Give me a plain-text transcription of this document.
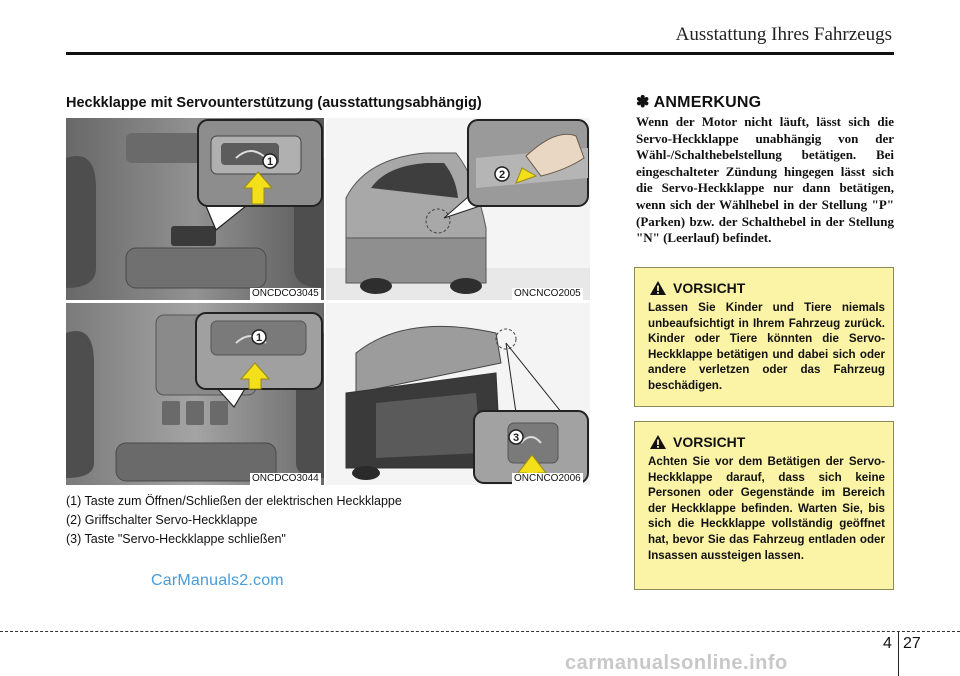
Ausstattung Ihres Fahrzeugs
Heckklappe mit Servounterstützung (ausstattungsabhängig)
1
ONCDCO3045
2
ONCNCO2005
1
ONCDCO3044
3
ONCNCO2006
(1) Taste zum Öffnen/Schließen der elektrischen Heckklappe
(2) Griffschalter Servo-Heckklappe
(3) Taste "Servo-Heckklappe schließen"
CarManuals2.com
✽ ANMERKUNG
Wenn der Motor nicht läuft, lässt sich die Servo-Heckklappe unabhängig von der Wähl-/Schalthebelstellung betätigen. Bei eingeschalteter Zündung hingegen lässt sich die Servo-Heckklappe nur dann betätigen, wenn sich der Wählhebel in der Stellung "P" (Parken) bzw. der Schalthebel in der Stellung "N" (Leerlauf) befindet.
VORSICHT
Lassen Sie Kinder und Tiere niemals unbeaufsichtigt in Ihrem Fahrzeug zurück. Kinder oder Tiere könnten die Servo-Heckklappe betätigen und dabei sich oder andere verletzen oder das Fahrzeug beschädigen.
VORSICHT
Achten Sie vor dem Betätigen der Servo-Heckklappe darauf, dass sich keine Personen oder Gegenstände im Bereich der Heckklappe befinden. Warten Sie, bis sich die Heckklappe vollständig geöffnet hat, bevor Sie das Fahrzeug entladen oder Insassen aussteigen lassen.
4 27
carmanualsonline.info
